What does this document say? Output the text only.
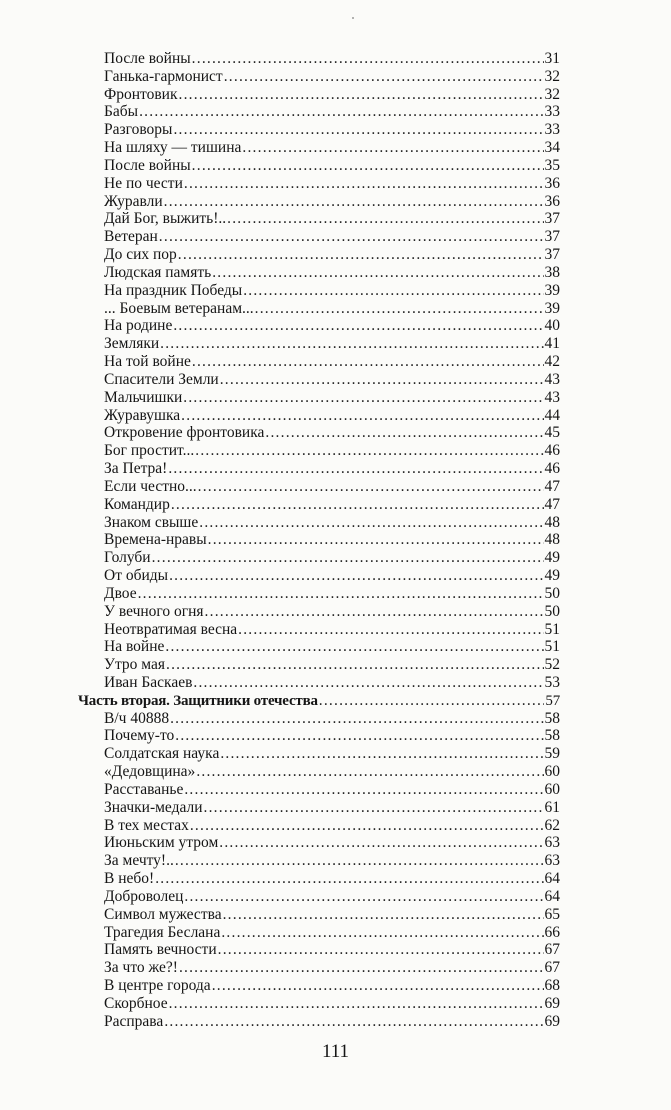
После войны .....	31
Ганька-гармонист .....	32
Фронтовик .....	32
Бабы .....	33
Разговоры .....	33
На шляху — тишина .....	34
После войны .....	35
Не по чести .....	36
Журавли .....	36
Дай Бог, выжить!.. .....	37
Ветеран .....	37
До сих пор .....	37
Людская память .....	38
На праздник Победы .....	39
... Боевым ветеранам... .....	39
На родине .....	40
Земляки .....	41
На той войне .....	42
Спасители Земли .....	43
Мальчишки .....	43
Журавушка .....	44
Откровение фронтовика .....	45
Бог простит... .....	46
За Петра! .....	46
Если честно... .....	47
Командир .....	47
Знаком свыше .....	48
Времена-нравы .....	48
Голуби .....	49
От обиды .....	49
Двое .....	50
У вечного огня .....	50
Неотвратимая весна .....	51
На войне .....	51
Утро мая .....	52
Иван Баскаев .....	53
Часть вторая. Защитники отечества .....	57
В/ч 40888 .....	58
Почему-то .....	58
Солдатская наука .....	59
«Дедовщина» .....	60
Расставанье .....	60
Значки-медали .....	61
В тех местах .....	62
Июньским утром .....	63
За мечту!.. .....	63
В небо! .....	64
Доброволец .....	64
Символ мужества .....	65
Трагедия Беслана .....	66
Память вечности .....	67
За что же?! .....	67
В центре города .....	68
Скорбное .....	69
Расправа .....	69
111
